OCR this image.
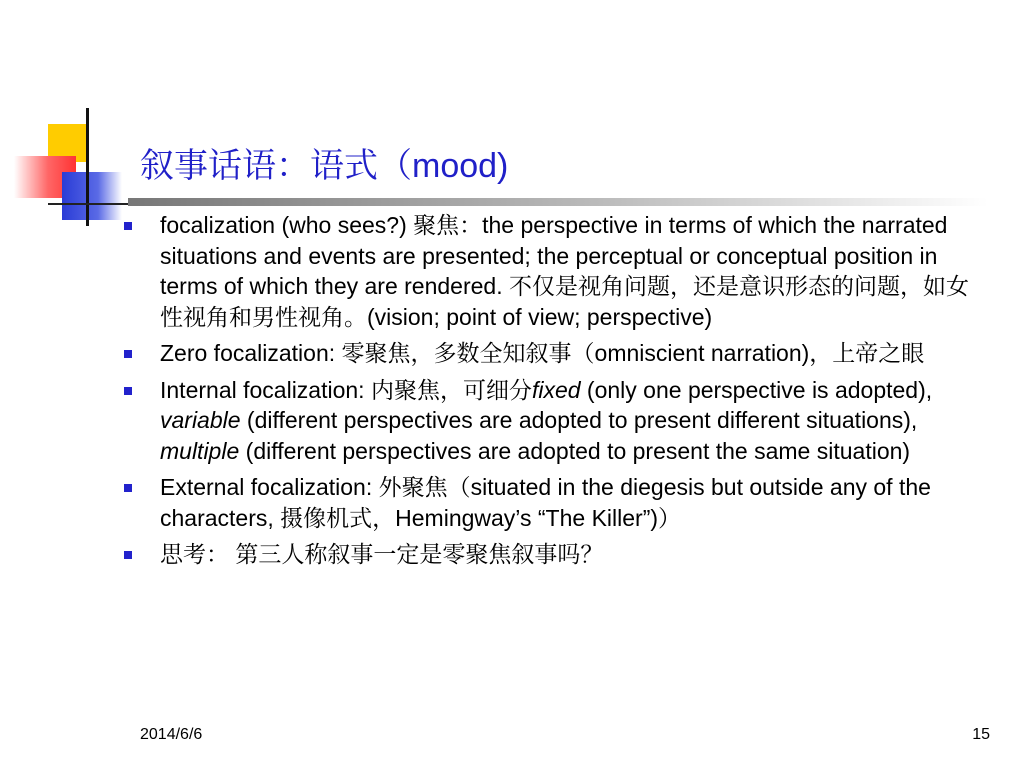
叙事话语：语式（mood)
focalization (who sees?) 聚焦：the perspective in terms of which the narrated situations and events are presented; the perceptual or conceptual position in terms of which they are rendered. 不仅是视角问题，还是意识形态的问题，如女性视角和男性视角。(vision; point of view; perspective)
Zero focalization: 零聚焦，多数全知叙事（omniscient narration)，上帝之眼
Internal focalization: 内聚焦，可细分fixed (only one perspective is adopted), variable (different perspectives are adopted to present different situations), multiple (different perspectives are adopted to present the same situation)
External focalization: 外聚焦（situated in the diegesis but outside any of the characters, 摄像机式，Hemingway’s “The Killer”)）
思考： 第三人称叙事一定是零聚焦叙事吗？
2014/6/6	15
